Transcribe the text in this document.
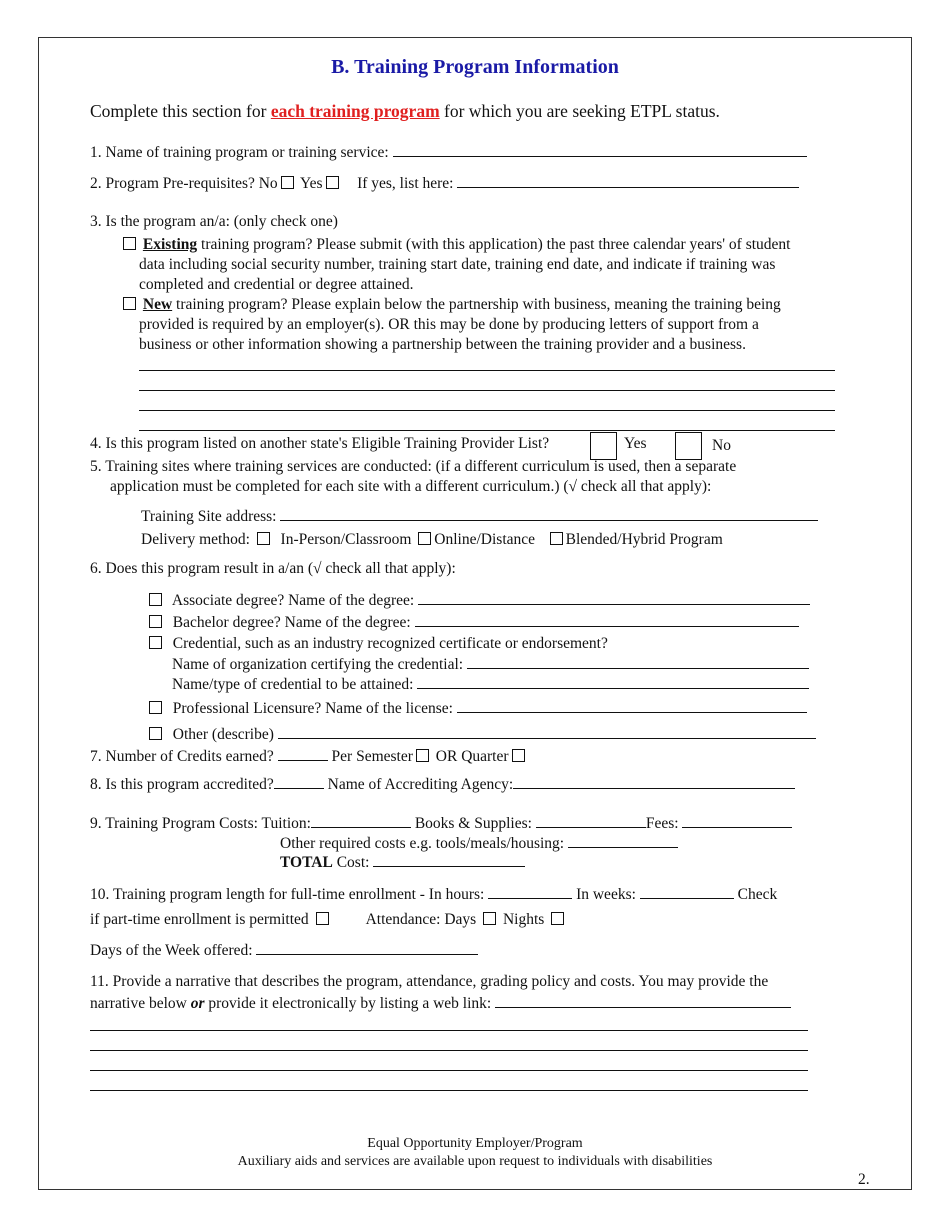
B. Training Program Information
Complete this section for each training program for which you are seeking ETPL status.
1. Name of training program or training service:
2. Program Pre-requisites? No Yes If yes, list here:
3. Is the program an/a: (only check one)
Existing training program? Please submit (with this application) the past three calendar years' of student
data including social security number, training start date, training end date, and indicate if training was
completed and credential or degree attained.
New training program? Please explain below the partnership with business, meaning the training being
provided is required by an employer(s). OR this may be done by producing letters of support from a
business or other information showing a partnership between the training provider and a business.
4. Is this program listed on another state's Eligible Training Provider List?	Yes	No
5. Training sites where training services are conducted: (if a different curriculum is used, then a separate
application must be completed for each site with a different curriculum.) (√ check all that apply):
Training Site address:
Delivery method: In-Person/Classroom Online/Distance Blended/Hybrid Program
6. Does this program result in a/an (√ check all that apply):
Associate degree? Name of the degree:
Bachelor degree? Name of the degree:
Credential, such as an industry recognized certificate or endorsement?
Name of organization certifying the credential:
Name/type of credential to be attained:
Professional Licensure? Name of the license:
Other (describe)
7. Number of Credits earned?	Per Semester OR Quarter
8. Is this program accredited?	Name of Accrediting Agency:
9. Training Program Costs: Tuition:	Books & Supplies:	Fees:
Other required costs e.g. tools/meals/housing:
TOTAL Cost:
10. Training program length for full-time enrollment - In hours:	In weeks:	Check
if part-time enrollment is permitted	Attendance: Days Nights
Days of the Week offered:
11. Provide a narrative that describes the program, attendance, grading policy and costs. You may provide the
narrative below or provide it electronically by listing a web link:
Equal Opportunity Employer/Program
Auxiliary aids and services are available upon request to individuals with disabilities
2.
